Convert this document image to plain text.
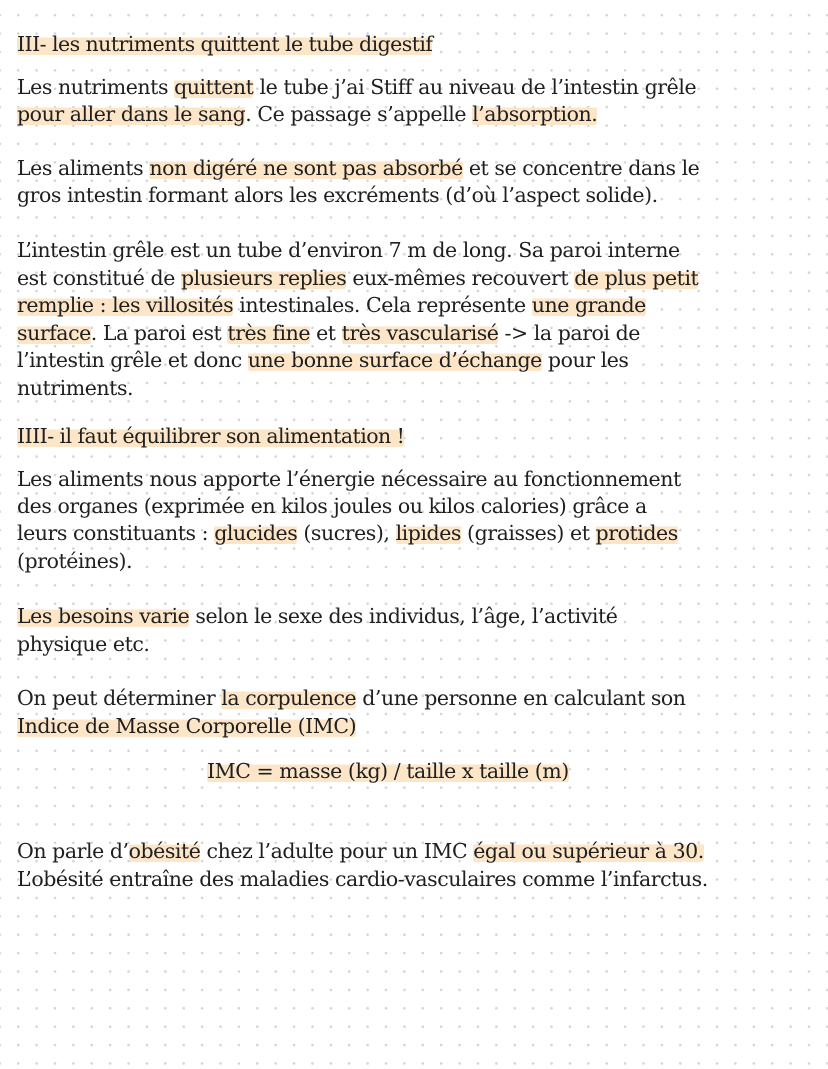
III- les nutriments quittent le tube digestif

Les nutriments quittent le tube j’ai Stiff au niveau de l’intestin grêle

pour aller dans le sang. Ce passage s’appelle l’absorption.

Les aliments non digéré ne sont pas absorbé et se concentre dans le

gros intestin formant alors les excréments (d’où l’aspect solide).

L’intestin grêle est un tube d’environ 7 m de long. Sa paroi interne

est constitué de plusieurs replies eux-mêmes recouvert de plus petit

remplie : les villosités intestinales. Cela représente une grande

surface. La paroi est très fine et très vascularisé -> la paroi de

l’intestin grêle et donc une bonne surface d’échange pour les

nutriments.

IIII- il faut équilibrer son alimentation !

Les aliments nous apporte l’énergie nécessaire au fonctionnement

des organes (exprimée en kilos joules ou kilos calories) grâce a

leurs constituants : glucides (sucres), lipides (graisses) et protides

(protéines).

Les besoins varie selon le sexe des individus, l’âge, l’activité

physique etc.

On peut déterminer la corpulence d’une personne en calculant son

Indice de Masse Corporelle (IMC)

IMC = masse (kg) / taille x taille (m)

On parle d’obésité chez l’adulte pour un IMC égal ou supérieur à 30.

L’obésité entraîne des maladies cardio-vasculaires comme l’infarctus.
